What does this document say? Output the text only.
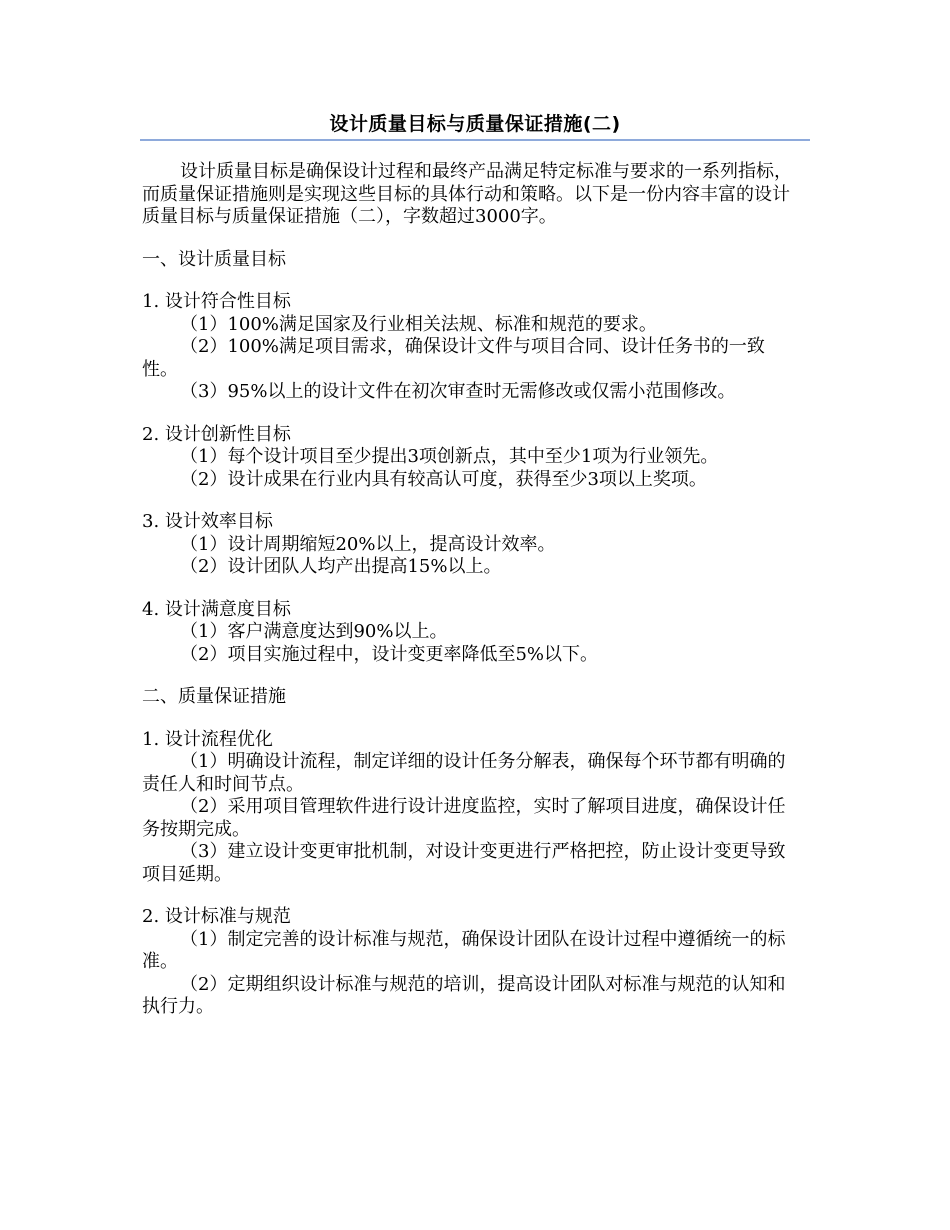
设计质量目标与质量保证措施(二)

设计质量目标是确保设计过程和最终产品满足特定标准与要求的一系列指标，而质量保证措施则是实现这些目标的具体行动和策略。以下是一份内容丰富的设计质量目标与质量保证措施（二），字数超过3000字。

一、设计质量目标

1. 设计符合性目标

（1）100%满足国家及行业相关法规、标准和规范的要求。

（2）100%满足项目需求，确保设计文件与项目合同、设计任务书的一致性。

（3）95%以上的设计文件在初次审查时无需修改或仅需小范围修改。

2. 设计创新性目标

（1）每个设计项目至少提出3项创新点，其中至少1项为行业领先。

（2）设计成果在行业内具有较高认可度，获得至少3项以上奖项。

3. 设计效率目标

（1）设计周期缩短20%以上，提高设计效率。

（2）设计团队人均产出提高15%以上。

4. 设计满意度目标

（1）客户满意度达到90%以上。

（2）项目实施过程中，设计变更率降低至5%以下。

二、质量保证措施

1. 设计流程优化

（1）明确设计流程，制定详细的设计任务分解表，确保每个环节都有明确的责任人和时间节点。

（2）采用项目管理软件进行设计进度监控，实时了解项目进度，确保设计任务按期完成。

（3）建立设计变更审批机制，对设计变更进行严格把控，防止设计变更导致项目延期。

2. 设计标准与规范

（1）制定完善的设计标准与规范，确保设计团队在设计过程中遵循统一的标准。

（2）定期组织设计标准与规范的培训，提高设计团队对标准与规范的认知和执行力。
